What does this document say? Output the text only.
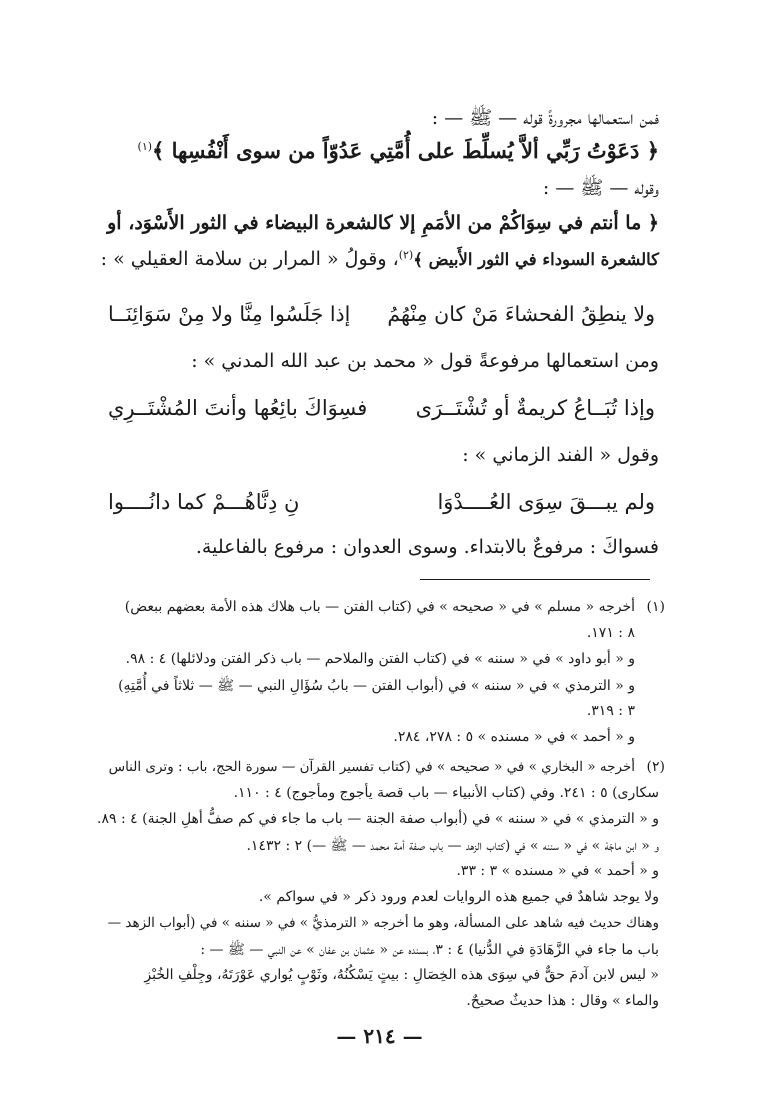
فمن استعمالها مجرورةً قوله — ﷺ — :
﴿ دَعَوْتُ رَبِّي ألاَّ يُسلِّطَ على أُمَّتِي عَدُوّاً من سوى أَنْفُسِها ﴾$^{(١)}$
وقوله — ﷺ — :
﴿ ما أنتم في سِوَاكُمْ من الأمَمِ إلا كالشعرة البيضاء في الثور الأَسْوَد، أو
كالشعرة السوداء في الثور الأَبيض ﴾$^{(٢)}$، وقولُ « المرار بن سلامة العقيلي » :
ولا ينطِقُ الفحشاءَ مَنْ كان مِنْهُمُ
إذا جَلَسُوا مِنَّا ولا مِنْ سَوَائِنَــا
ومن استعمالها مرفوعةً قول « محمد بن عبد الله المدني » :
وإذا تُبَــاعُ كريمةٌ أو تُشْتَــرَى
فسِوَاكَ بائِعُها وأنتَ المُشْتَــرِي
وقول « الفند الزماني » :
ولم يبـــقَ سِوَى العُــــدْوَا
نِ دِنَّاهُـــمْ كما دانُــــوا
فسواكَ : مرفوعٌ بالابتداء. وسوى العدوان : مرفوع بالفاعلية.
(١)
أخرجه « مسلم » في « صحيحه » في (كتاب الفتن — باب هلاك هذه الأمة بعضهم ببعض)
٨ : ١٧١.
و « أبو داود » في « سننه » في (كتاب الفتن والملاحم — باب ذكر الفتن ودلائلها) ٤ : ٩٨.
و « الترمذي » في « سننه » في (أبواب الفتن — بابُ سُؤَالِ النبي — ﷺ — ثلاثاً في أُمَّتِهِ)
٣ : ٣١٩.
و « أحمد » في « مسنده » ٥ : ٢٧٨، ٢٨٤.
(٢)
أخرجه « البخاري » في « صحيحه » في (كتاب تفسير القرآن — سورة الحج، باب : وترى الناس
سكارى) ٥ : ٢٤١. وفي (كتاب الأنبياء — باب قصة يأجوج ومأجوج) ٤ : ١١٠.
و « الترمذي » في « سننه » في (أبواب صفة الجنة — باب ما جاء في كم صفُّ أهلِ الجنة) ٤ : ٨٩.
و « ابن ماجَهْ » في « سننه » في (كتاب الزهد — باب صفة أمة محمد — ﷺ —) ٢ : ١٤٣٢.
و « أحمد » في « مسنده » ٣ : ٣٣.
ولا يوجد شاهدٌ في جميع هذه الروايات لعدم ورود ذكر « في سواكم ».
وهناك حديث فيه شاهد على المسألة، وهو ما أخرجه « الترمذيُّ » في « سننه » في (أبواب الزهد —
باب ما جاء في الزَّهَادَةِ في الدُّنيا) ٤ : ٣، بسنده عن « عثمان بن عفان » عن النبي — ﷺ — :
« ليس لابن آدمَ حقٌّ في سِوَى هذه الخِصَالِ : بيتٍ يَسْكُنُهُ، وثَوْبٍ يُواري عَوْرَتَهُ، وجِلْفِ الخُبْزِ
والماء » وقال : هذا حديثٌ صحيحٌ.
— ٢١٤ —
